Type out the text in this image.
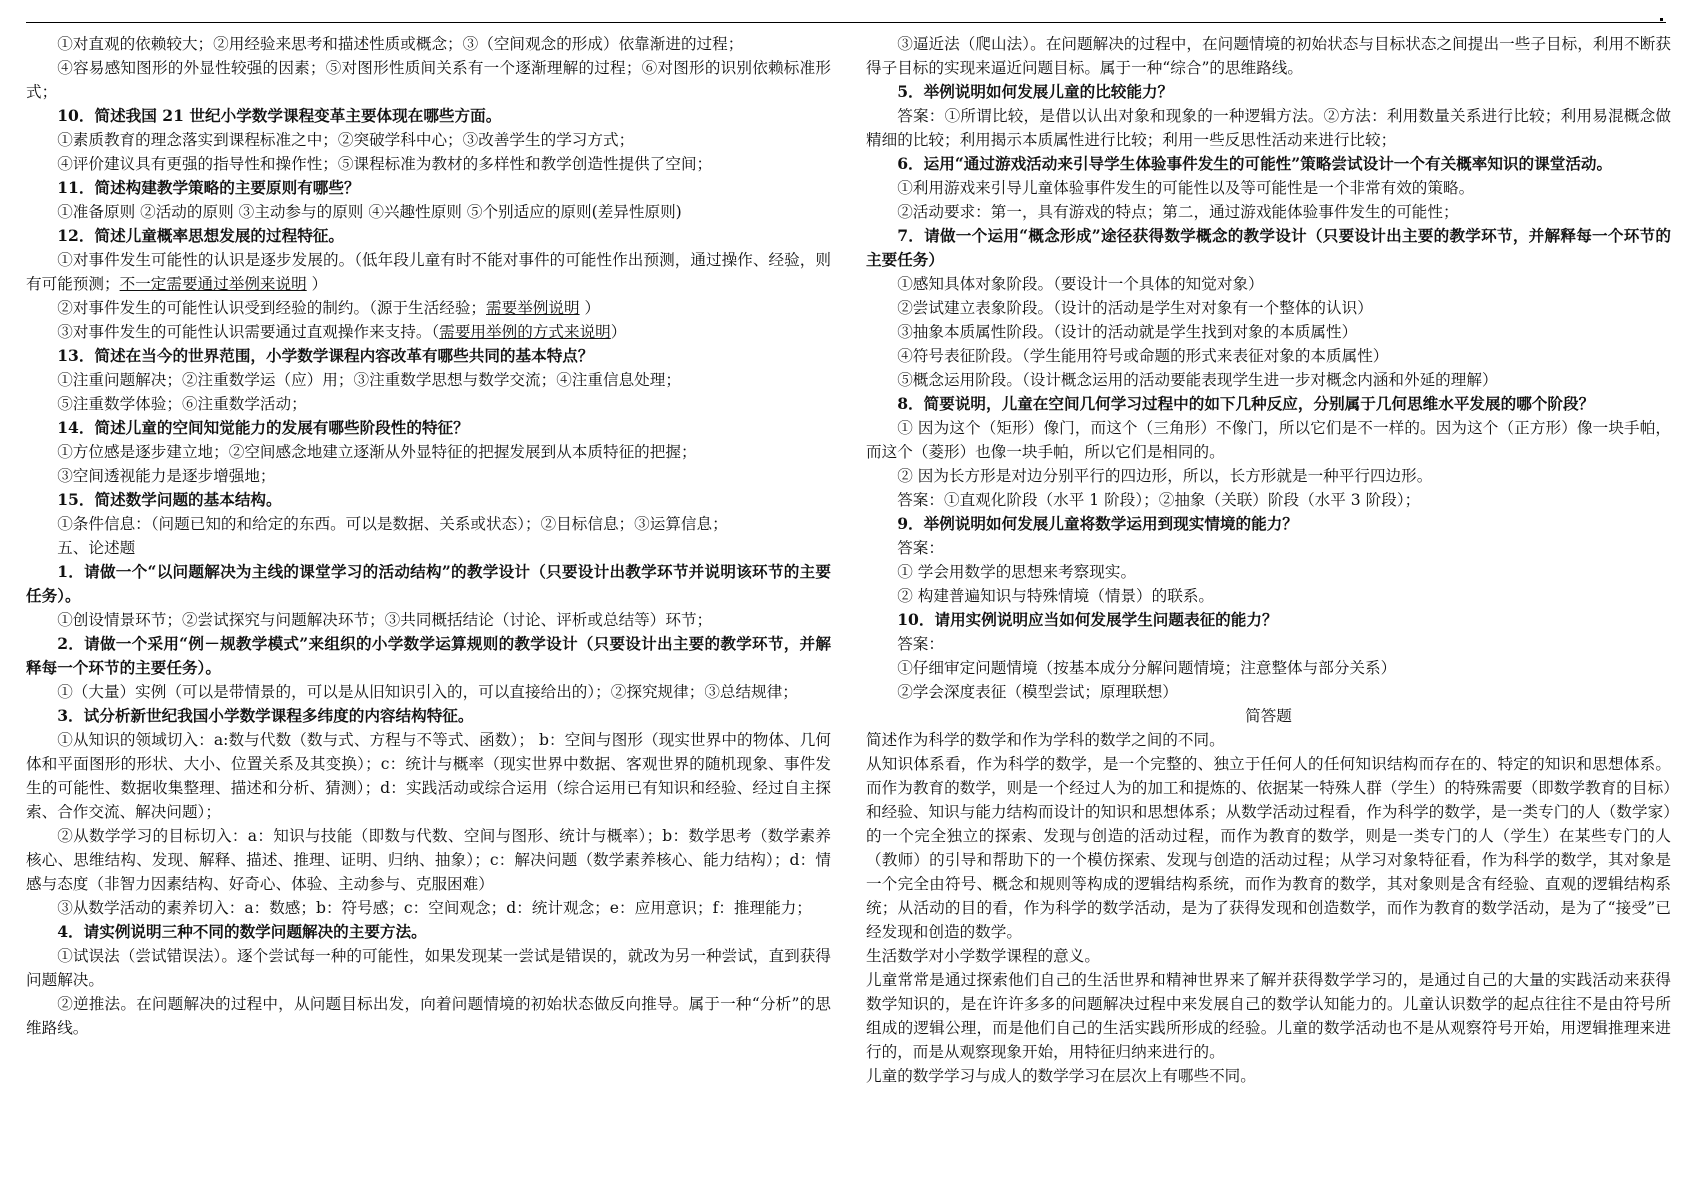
①对直观的依赖较大；②用经验来思考和描述性质或概念；③（空间观念的形成）依靠渐进的过程；

④容易感知图形的外显性较强的因素；⑤对图形性质间关系有一个逐渐理解的过程；⑥对图形的识别依赖标准形式；

10．简述我国 21 世纪小学数学课程变革主要体现在哪些方面。

①素质教育的理念落实到课程标准之中；②突破学科中心；③改善学生的学习方式；

④评价建议具有更强的指导性和操作性；⑤课程标准为教材的多样性和教学创造性提供了空间；

11．简述构建教学策略的主要原则有哪些？

①准备原则 ②活动的原则 ③主动参与的原则 ④兴趣性原则 ⑤个别适应的原则(差异性原则)

12．简述儿童概率思想发展的过程特征。

①对事件发生可能性的认识是逐步发展的。（低年段儿童有时不能对事件的可能性作出预测，通过操作、经验，则有可能预测；不一定需要通过举例来说明 ）

②对事件发生的可能性认识受到经验的制约。（源于生活经验；需要举例说明 ）

③对事件发生的可能性认识需要通过直观操作来支持。（需要用举例的方式来说明）

13．简述在当今的世界范围，小学数学课程内容改革有哪些共同的基本特点？

①注重问题解决；②注重数学运（应）用；③注重数学思想与数学交流；④注重信息处理；

⑤注重数学体验；⑥注重数学活动；

14．简述儿童的空间知觉能力的发展有哪些阶段性的特征？

①方位感是逐步建立地；②空间感念地建立逐渐从外显特征的把握发展到从本质特征的把握；

③空间透视能力是逐步增强地；

15．简述数学问题的基本结构。

①条件信息：（问题已知的和给定的东西。可以是数据、关系或状态）；②目标信息；③运算信息；

五、论述题

1．请做一个“以问题解决为主线的课堂学习的活动结构”的教学设计（只要设计出教学环节并说明该环节的主要任务）。

①创设情景环节；②尝试探究与问题解决环节；③共同概括结论（讨论、评析或总结等）环节；

2．请做一个采用“例－规教学模式”来组织的小学数学运算规则的教学设计（只要设计出主要的教学环节，并解释每一个环节的主要任务）。

①（大量）实例（可以是带情景的，可以是从旧知识引入的，可以直接给出的）；②探究规律；③总结规律；

3．试分析新世纪我国小学数学课程多纬度的内容结构特征。

①从知识的领域切入：a:数与代数（数与式、方程与不等式、函数）； b：空间与图形（现实世界中的物体、几何体和平面图形的形状、大小、位置关系及其变换）；c：统计与概率（现实世界中数据、客观世界的随机现象、事件发生的可能性、数据收集整理、描述和分析、猜测）；d：实践活动或综合运用（综合运用已有知识和经验、经过自主探索、合作交流、解决问题）；

②从数学学习的目标切入：a：知识与技能（即数与代数、空间与图形、统计与概率）；b：数学思考（数学素养核心、思维结构、发现、解释、描述、推理、证明、归纳、抽象）；c：解决问题（数学素养核心、能力结构）；d：情感与态度（非智力因素结构、好奇心、体验、主动参与、克服困难）

③从数学活动的素养切入：a：数感；b：符号感；c：空间观念；d：统计观念；e：应用意识；f：推理能力；

4．请实例说明三种不同的数学问题解决的主要方法。

①试误法（尝试错误法）。逐个尝试每一种的可能性，如果发现某一尝试是错误的，就改为另一种尝试，直到获得问题解决。

②逆推法。在问题解决的过程中，从问题目标出发，向着问题情境的初始状态做反向推导。属于一种“分析”的思维路线。

③逼近法（爬山法）。在问题解决的过程中，在问题情境的初始状态与目标状态之间提出一些子目标，利用不断获得子目标的实现来逼近问题目标。属于一种“综合”的思维路线。

5．举例说明如何发展儿童的比较能力？

答案：①所谓比较，是借以认出对象和现象的一种逻辑方法。②方法：利用数量关系进行比较；利用易混概念做精细的比较；利用揭示本质属性进行比较；利用一些反思性活动来进行比较；

6．运用“通过游戏活动来引导学生体验事件发生的可能性”策略尝试设计一个有关概率知识的课堂活动。

①利用游戏来引导儿童体验事件发生的可能性以及等可能性是一个非常有效的策略。

②活动要求：第一，具有游戏的特点；第二，通过游戏能体验事件发生的可能性；

7．请做一个运用“概念形成”途径获得数学概念的教学设计（只要设计出主要的教学环节，并解释每一个环节的主要任务）

①感知具体对象阶段。（要设计一个具体的知觉对象）

②尝试建立表象阶段。（设计的活动是学生对对象有一个整体的认识）

③抽象本质属性阶段。（设计的活动就是学生找到对象的本质属性）

④符号表征阶段。（学生能用符号或命题的形式来表征对象的本质属性）

⑤概念运用阶段。（设计概念运用的活动要能表现学生进一步对概念内涵和外延的理解）

8．简要说明，儿童在空间几何学习过程中的如下几种反应，分别属于几何思维水平发展的哪个阶段？

① 因为这个（矩形）像门，而这个（三角形）不像门，所以它们是不一样的。因为这个（正方形）像一块手帕，而这个（菱形）也像一块手帕，所以它们是相同的。

② 因为长方形是对边分别平行的四边形，所以，长方形就是一种平行四边形。

答案：①直观化阶段（水平 1 阶段）；②抽象（关联）阶段（水平 3 阶段）；

9．举例说明如何发展儿童将数学运用到现实情境的能力？

答案：

① 学会用数学的思想来考察现实。

② 构建普遍知识与特殊情境（情景）的联系。

10．请用实例说明应当如何发展学生问题表征的能力？

答案：

①仔细审定问题情境（按基本成分分解问题情境；注意整体与部分关系）

②学会深度表征（模型尝试；原理联想）

简答题

简述作为科学的数学和作为学科的数学之间的不同。

从知识体系看，作为科学的数学，是一个完整的、独立于任何人的任何知识结构而存在的、特定的知识和思想体系。而作为教育的数学，则是一个经过人为的加工和提炼的、依据某一特殊人群（学生）的特殊需要（即数学教育的目标）和经验、知识与能力结构而设计的知识和思想体系；从数学活动过程看，作为科学的数学，是一类专门的人（数学家）的一个完全独立的探索、发现与创造的活动过程，而作为教育的数学，则是一类专门的人（学生）在某些专门的人（教师）的引导和帮助下的一个模仿探索、发现与创造的活动过程；从学习对象特征看，作为科学的数学，其对象是一个完全由符号、概念和规则等构成的逻辑结构系统，而作为教育的数学，其对象则是含有经验、直观的逻辑结构系统；从活动的目的看，作为科学的数学活动，是为了获得发现和创造数学，而作为教育的数学活动，是为了“接受”已经发现和创造的数学。

生活数学对小学数学课程的意义。

儿童常常是通过探索他们自己的生活世界和精神世界来了解并获得数学学习的，是通过自己的大量的实践活动来获得数学知识的，是在许许多多的问题解决过程中来发展自己的数学认知能力的。儿童认识数学的起点往往不是由符号所组成的逻辑公理，而是他们自己的生活实践所形成的经验。儿童的数学活动也不是从观察符号开始，用逻辑推理来进行的，而是从观察现象开始，用特征归纳来进行的。

儿童的数学学习与成人的数学学习在层次上有哪些不同。
